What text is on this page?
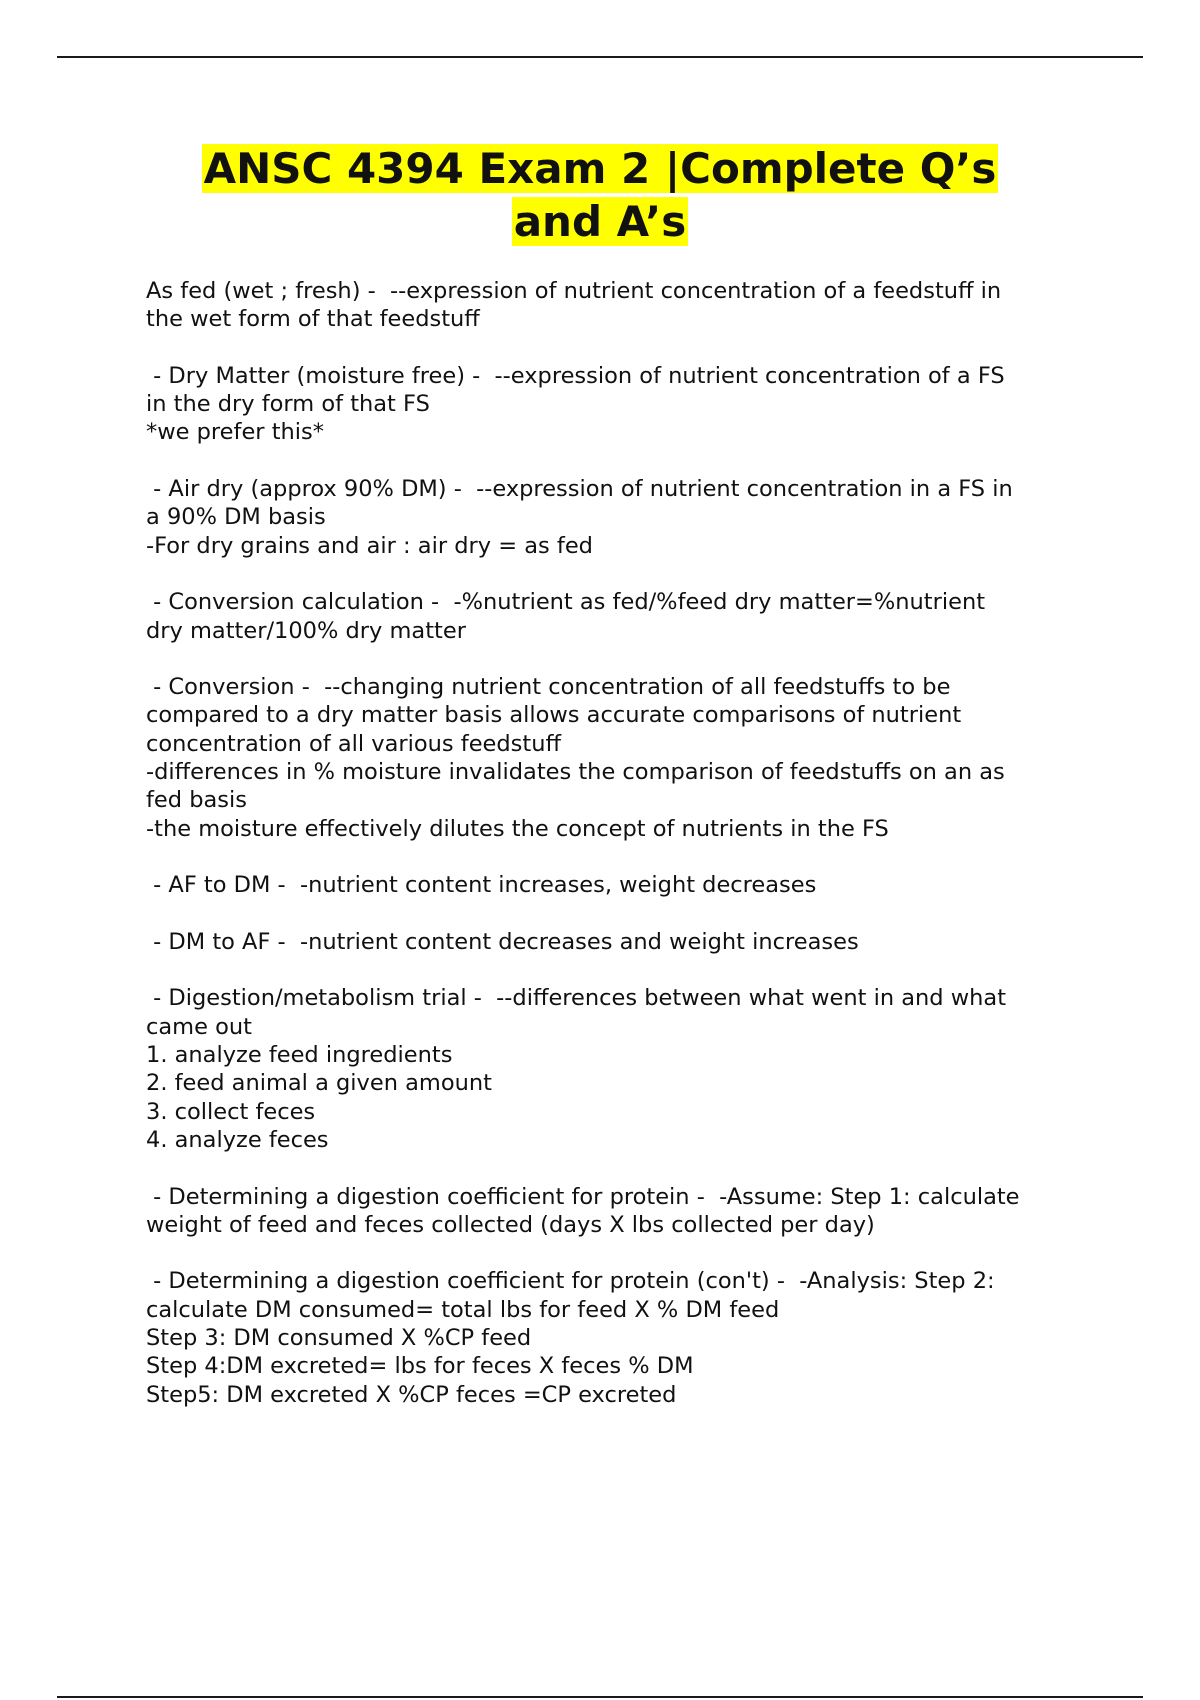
ANSC 4394 Exam 2 |Complete Q’s
and A’s
As fed (wet ; fresh) -  --expression of nutrient concentration of a feedstuff in
the wet form of that feedstuff
- Dry Matter (moisture free) -  --expression of nutrient concentration of a FS
in the dry form of that FS
*we prefer this*
- Air dry (approx 90% DM) -  --expression of nutrient concentration in a FS in
a 90% DM basis
-For dry grains and air : air dry = as fed
- Conversion calculation -  -%nutrient as fed/%feed dry matter=%nutrient
dry matter/100% dry matter
- Conversion -  --changing nutrient concentration of all feedstuffs to be
compared to a dry matter basis allows accurate comparisons of nutrient
concentration of all various feedstuff
-differences in % moisture invalidates the comparison of feedstuffs on an as
fed basis
-the moisture effectively dilutes the concept of nutrients in the FS
- AF to DM -  -nutrient content increases, weight decreases
- DM to AF -  -nutrient content decreases and weight increases
- Digestion/metabolism trial -  --differences between what went in and what
came out
1. analyze feed ingredients
2. feed animal a given amount
3. collect feces
4. analyze feces
- Determining a digestion coefficient for protein -  -Assume: Step 1: calculate
weight of feed and feces collected (days X lbs collected per day)
- Determining a digestion coefficient for protein (con't) -  -Analysis: Step 2:
calculate DM consumed= total lbs for feed X % DM feed
Step 3: DM consumed X %CP feed
Step 4:DM excreted= lbs for feces X feces % DM
Step5: DM excreted X %CP feces =CP excreted
